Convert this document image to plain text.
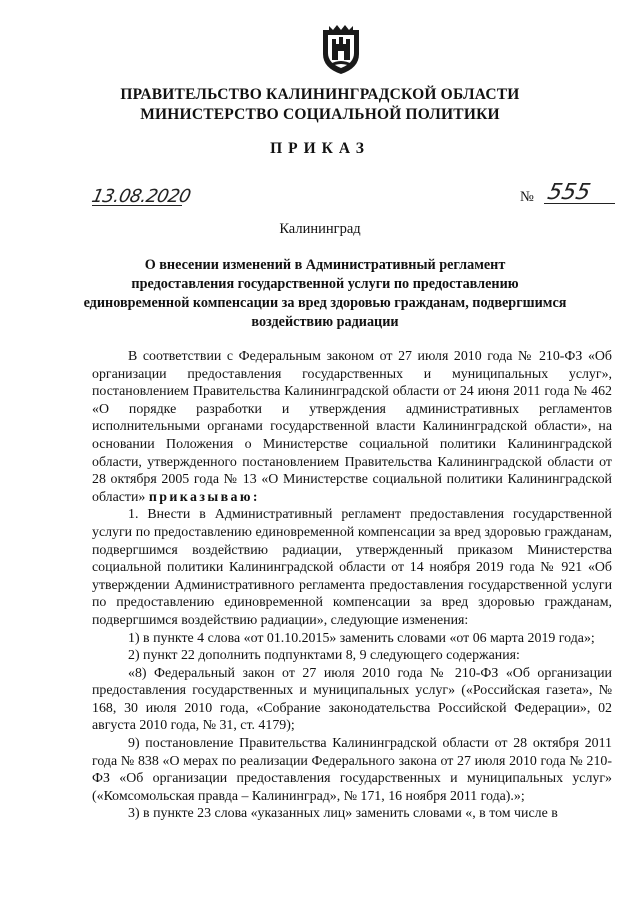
ПРАВИТЕЛЬСТВО КАЛИНИНГРАДСКОЙ ОБЛАСТИ
МИНИСТЕРСТВО СОЦИАЛЬНОЙ ПОЛИТИКИ
ПРИКАЗ
13.08.2020	№ 555
Калининград
О внесении изменений в Административный регламент
предоставления государственной услуги по предоставлению
единовременной компенсации за вред здоровью гражданам, подвергшимся
воздействию радиации

В соответствии с Федеральным законом от 27 июля 2010 года № 210-ФЗ «Об организации предоставления государственных и муниципальных услуг», постановлением Правительства Калининградской области от 24 июня 2011 года № 462 «О порядке разработки и утверждения административных регламентов исполнительными органами государственной власти Калининградской области», на основании Положения о Министерстве социальной политики Калининградской области, утвержденного постановлением Правительства Калининградской области от 28 октября 2005 года № 13 «О Министерстве социальной политики Калининградской области» приказываю:

1. Внести в Административный регламент предоставления государственной услуги по предоставлению единовременной компенсации за вред здоровью гражданам, подвергшимся воздействию радиации, утвержденный приказом Министерства социальной политики Калининградской области от 14 ноября 2019 года № 921 «Об утверждении Административного регламента предоставления государственной услуги по предоставлению единовременной компенсации за вред здоровью гражданам, подвергшимся воздействию радиации», следующие изменения:

1) в пункте 4 слова «от 01.10.2015» заменить словами «от 06 марта 2019 года»;

2) пункт 22 дополнить подпунктами 8, 9 следующего содержания:

«8) Федеральный закон от 27 июля 2010 года № 210-ФЗ «Об организации предоставления государственных и муниципальных услуг» («Российская газета», № 168, 30 июля 2010 года, «Собрание законодательства Российской Федерации», 02 августа 2010 года, № 31, ст. 4179);

9) постановление Правительства Калининградской области от 28 октября 2011 года № 838 «О мерах по реализации Федерального закона от 27 июля 2010 года № 210-ФЗ «Об организации предоставления государственных и муниципальных услуг» («Комсомольская правда – Калининград», № 171, 16 ноября 2011 года).»;

3) в пункте 23 слова «указанных лиц» заменить словами «, в том числе в
